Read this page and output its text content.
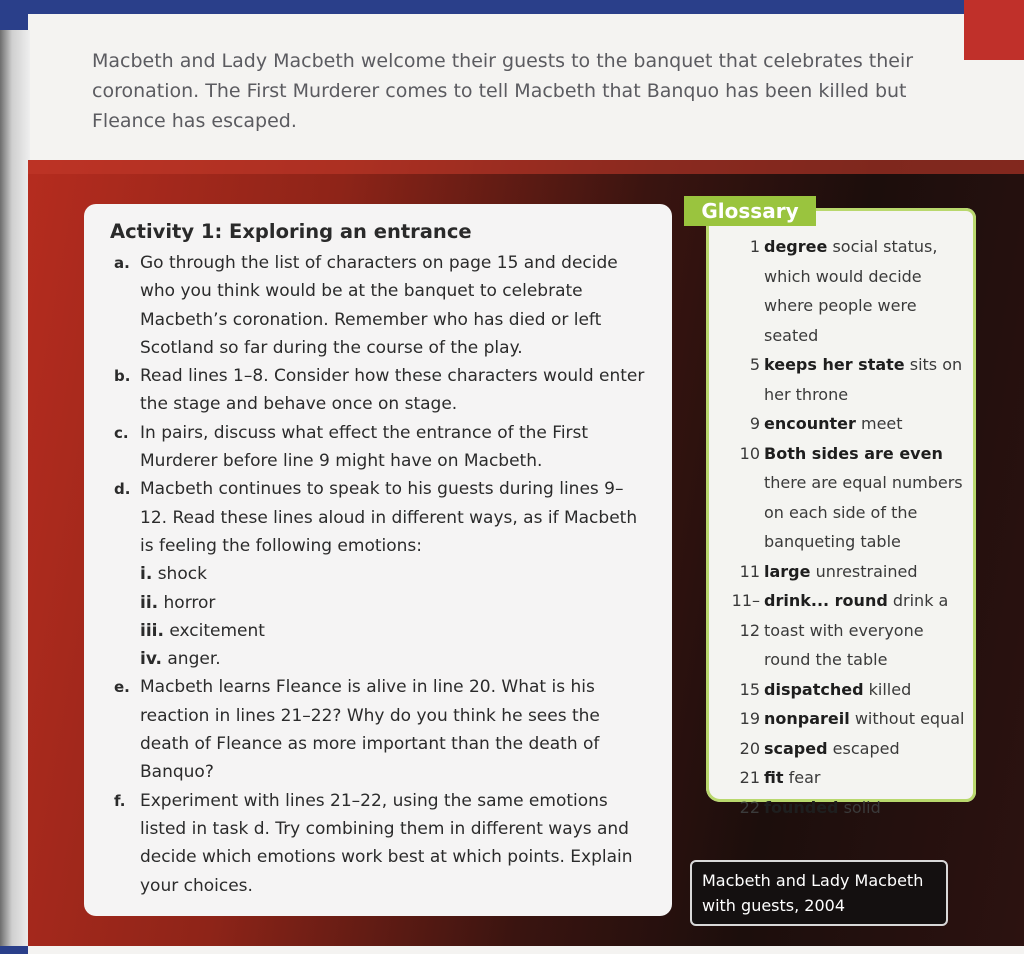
Macbeth and Lady Macbeth welcome their guests to the banquet that celebrates their coronation. The First Murderer comes to tell Macbeth that Banquo has been killed but Fleance has escaped.

Activity 1: Exploring an entrance
a. Go through the list of characters on page 15 and decide who you think would be at the banquet to celebrate Macbeth’s coronation. Remember who has died or left Scotland so far during the course of the play.
b. Read lines 1–8. Consider how these characters would enter the stage and behave once on stage.
c. In pairs, discuss what effect the entrance of the First Murderer before line 9 might have on Macbeth.
d. Macbeth continues to speak to his guests during lines 9–12. Read these lines aloud in different ways, as if Macbeth is feeling the following emotions:
i. shock
ii. horror
iii. excitement
iv. anger.
e. Macbeth learns Fleance is alive in line 20. What is his reaction in lines 21–22? Why do you think he sees the death of Fleance as more important than the death of Banquo?
f. Experiment with lines 21–22, using the same emotions listed in task d. Try combining them in different ways and decide which emotions work best at which points. Explain your choices.
1 degree social status, which would decide where people were seated
5 keeps her state sits on her throne
9 encounter meet
10 Both sides are even there are equal numbers on each side of the banqueting table
11 large unrestrained
11–12
drink... round drink a toast with everyone round the table
15 dispatched killed
19 nonpareil without equal
20 scaped escaped
21 fit fear
22 founded solid
Glossary
Macbeth and Lady Macbeth with guests, 2004
